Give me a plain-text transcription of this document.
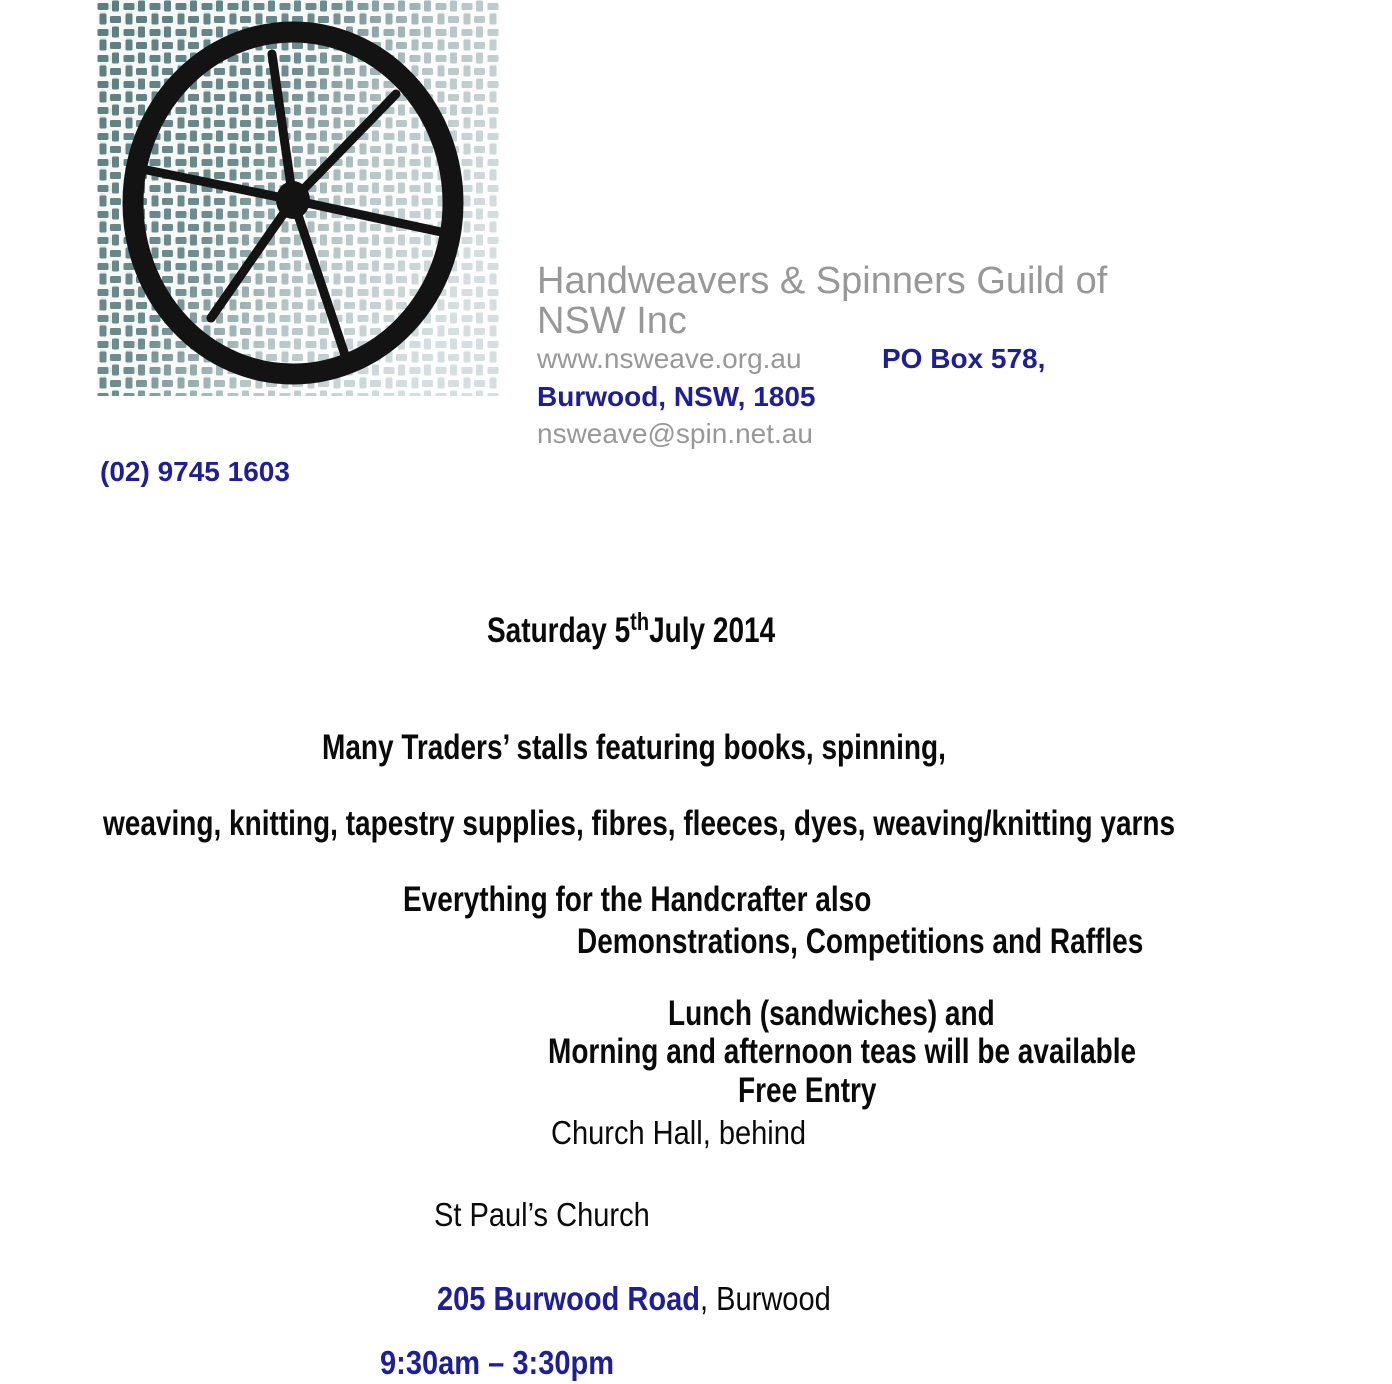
Handweavers & Spinners Guild of NSW Inc
www.nsweave.org.au	PO Box 578,
Burwood, NSW, 1805
nsweave@spin.net.au
(02) 9745 1603
Saturday 5thJuly 2014
Many Traders’ stalls featuring books, spinning,
weaving, knitting, tapestry supplies, fibres, fleeces, dyes, weaving/knitting yarns
Everything for the Handcrafter also
Demonstrations, Competitions and Raffles
Lunch (sandwiches) and
Morning and afternoon teas will be available
Free Entry
Church Hall, behind
St Paul’s Church
205 Burwood Road, Burwood
9:30am – 3:30pm
